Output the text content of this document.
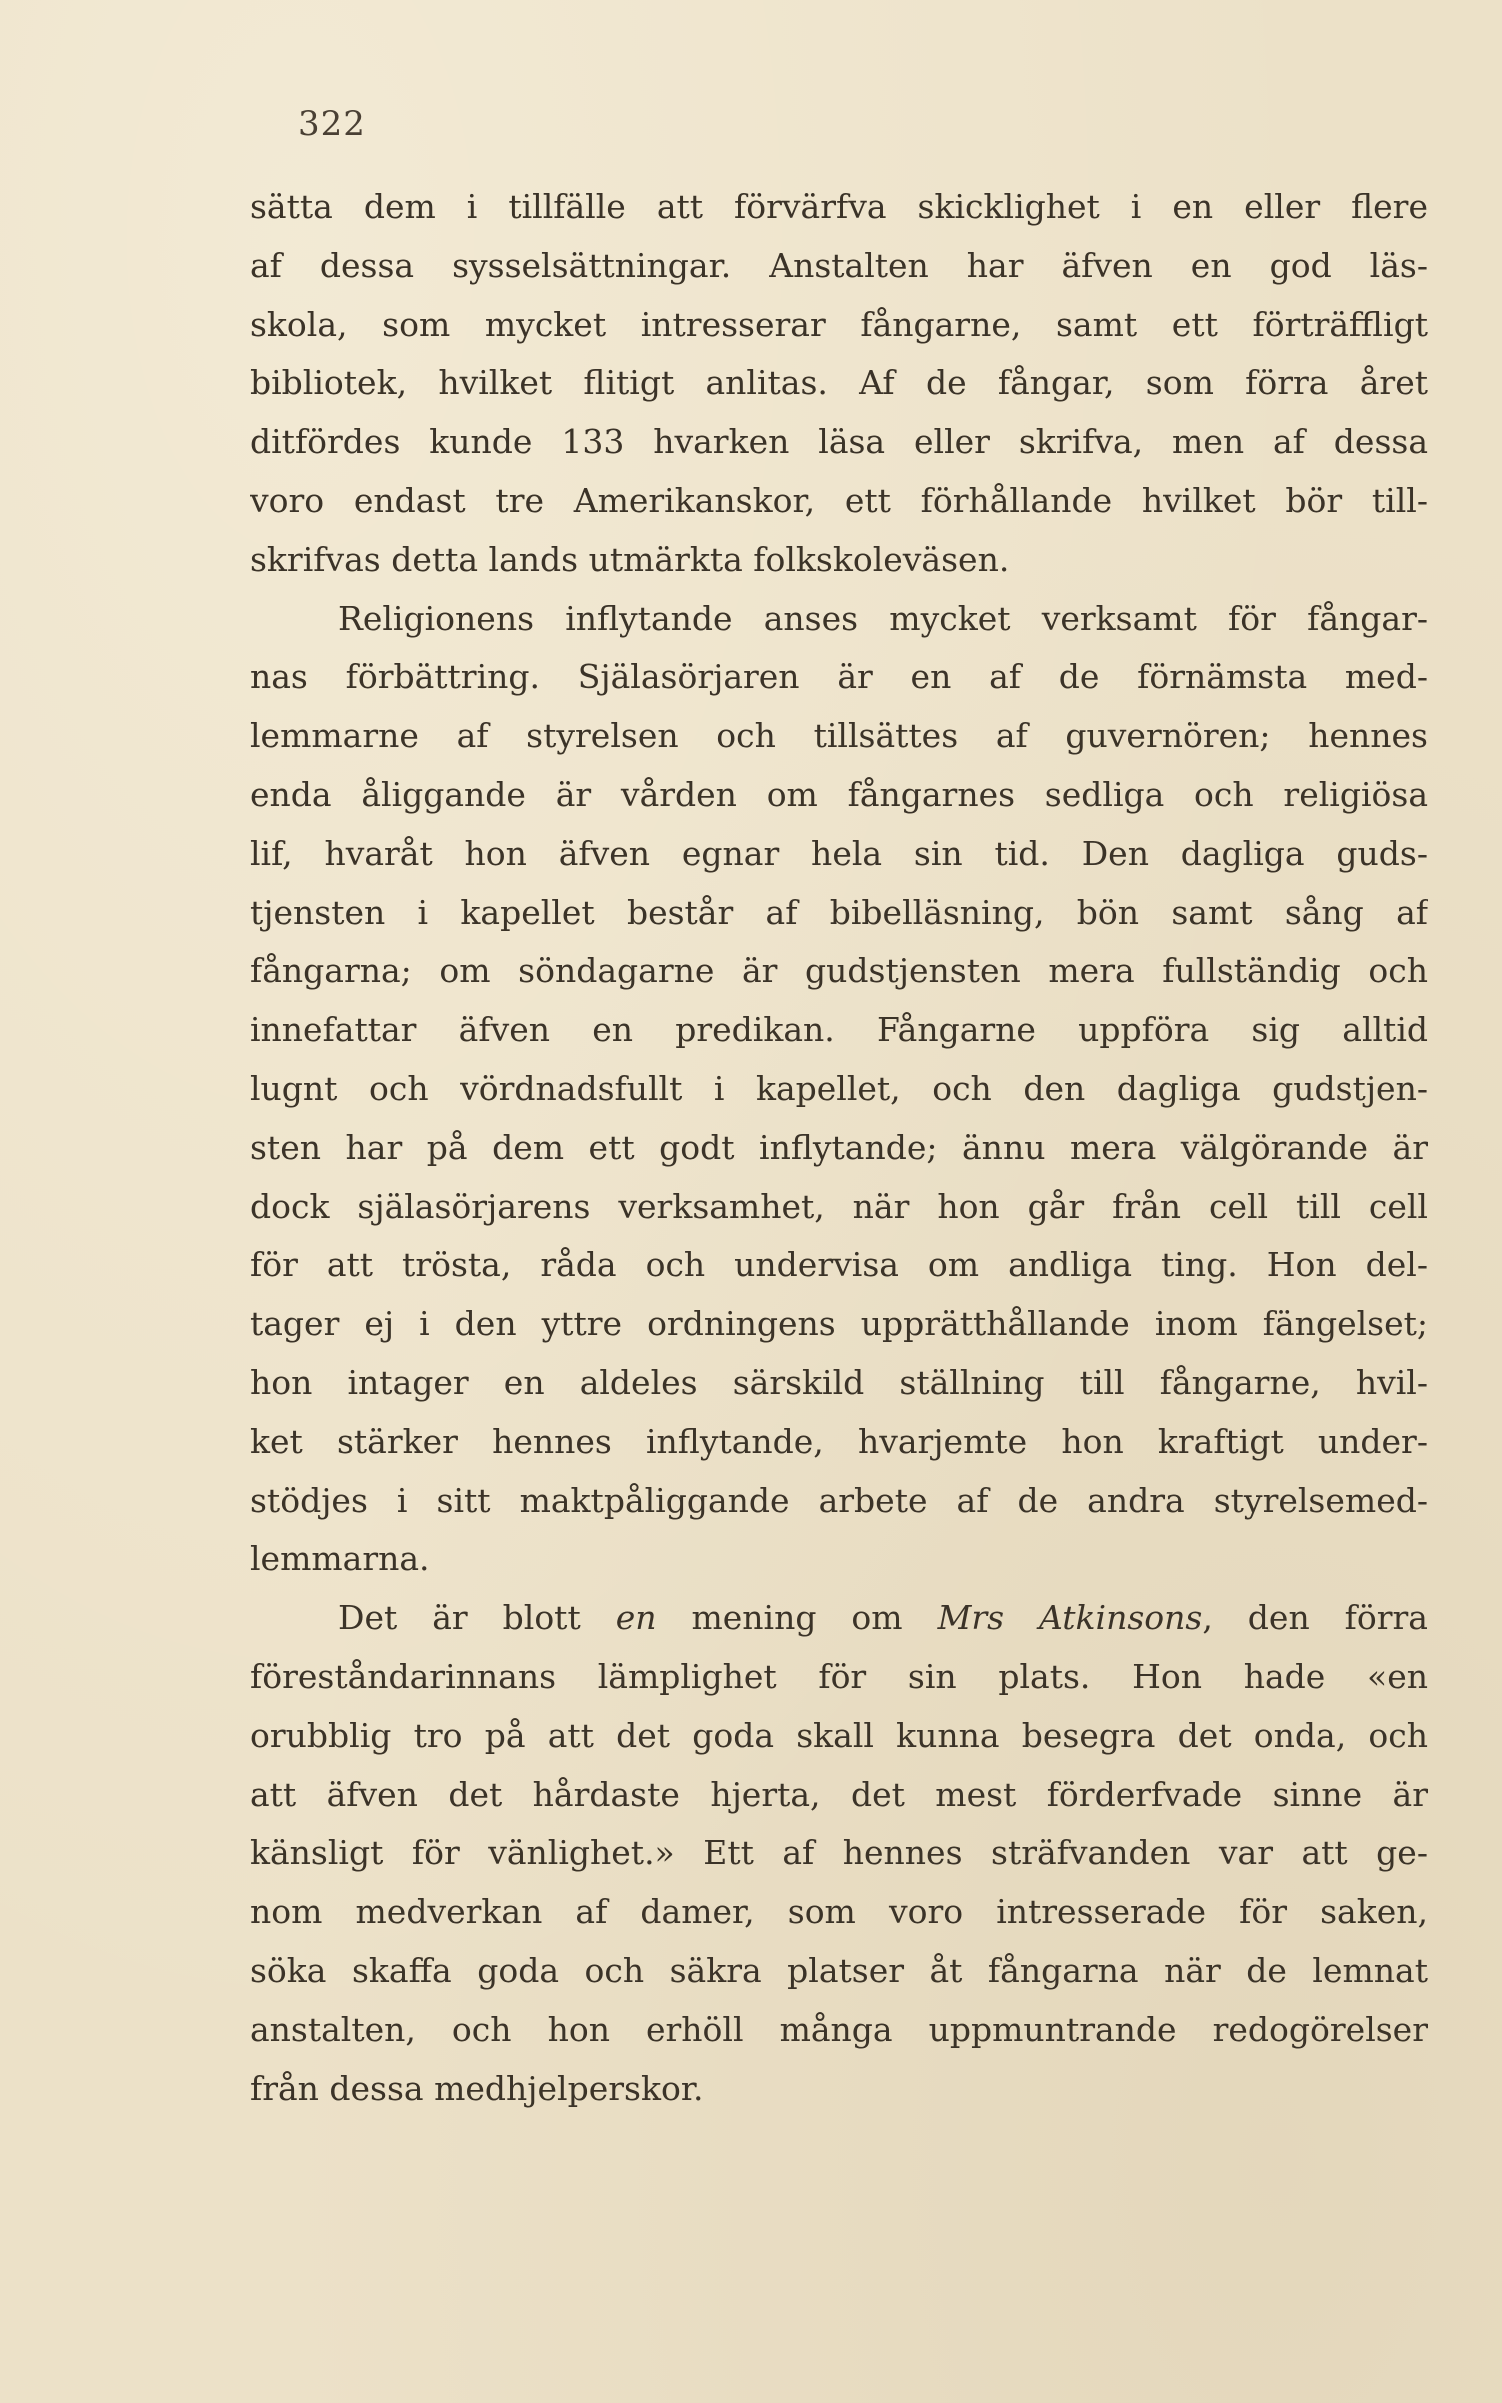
322
sätta dem i tillfälle att förvärfva skicklighet i en eller flere
af dessa sysselsättningar. Anstalten har äfven en god läs-
skola, som mycket intresserar fångarne, samt ett förträffligt
bibliotek, hvilket flitigt anlitas. Af de fångar, som förra året
ditfördes kunde 133 hvarken läsa eller skrifva, men af dessa
voro endast tre Amerikanskor, ett förhållande hvilket bör till-
skrifvas detta lands utmärkta folkskoleväsen.
Religionens inflytande anses mycket verksamt för fångar-
nas förbättring. Själasörjaren är en af de förnämsta med-
lemmarne af styrelsen och tillsättes af guvernören; hennes
enda åliggande är vården om fångarnes sedliga och religiösa
lif, hvaråt hon äfven egnar hela sin tid. Den dagliga guds-
tjensten i kapellet består af bibelläsning, bön samt sång af
fångarna; om söndagarne är gudstjensten mera fullständig och
innefattar äfven en predikan. Fångarne uppföra sig alltid
lugnt och vördnadsfullt i kapellet, och den dagliga gudstjen-
sten har på dem ett godt inflytande; ännu mera välgörande är
dock själasörjarens verksamhet, när hon går från cell till cell
för att trösta, råda och undervisa om andliga ting. Hon del-
tager ej i den yttre ordningens upprätthållande inom fängelset;
hon intager en aldeles särskild ställning till fångarne, hvil-
ket stärker hennes inflytande, hvarjemte hon kraftigt under-
stödjes i sitt maktpåliggande arbete af de andra styrelsemed-
lemmarna.
Det är blott en mening om Mrs Atkinsons, den förra
föreståndarinnans lämplighet för sin plats. Hon hade «en
orubblig tro på att det goda skall kunna besegra det onda, och
att äfven det hårdaste hjerta, det mest förderfvade sinne är
känsligt för vänlighet.» Ett af hennes sträfvanden var att ge-
nom medverkan af damer, som voro intresserade för saken,
söka skaffa goda och säkra platser åt fångarna när de lemnat
anstalten, och hon erhöll många uppmuntrande redogörelser
från dessa medhjelperskor.
